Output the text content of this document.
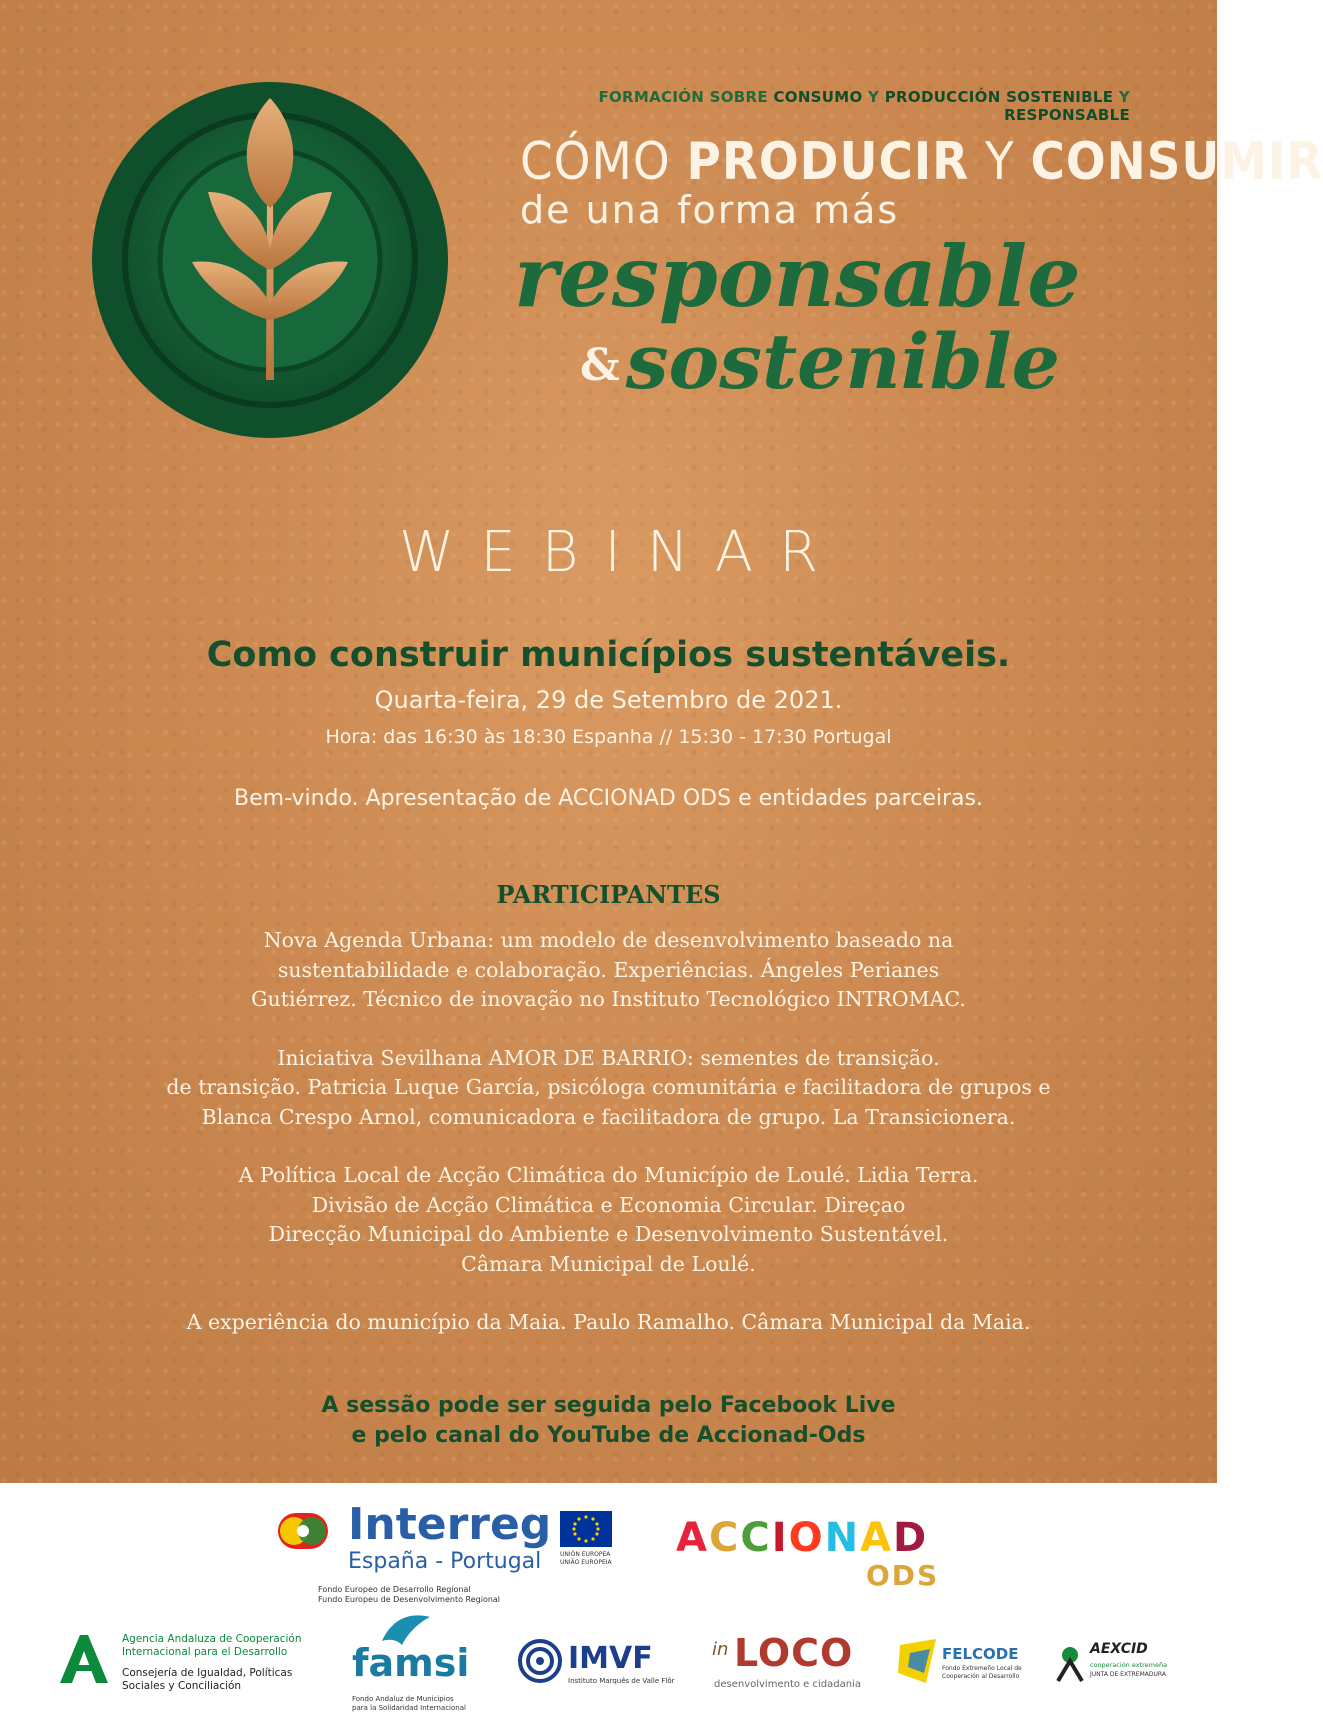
FORMACIÓN SOBRE CONSUMO Y PRODUCCIÓN SOSTENIBLE Y RESPONSABLE
CÓMO PRODUCIR Y CONSUMIR
de una forma más
responsable
&sostenible
WEBINAR
Como construir municípios sustentáveis.
Quarta-feira, 29 de Setembro de 2021.
Hora: das 16:30 às 18:30 Espanha // 15:30 - 17:30 Portugal
Bem-vindo. Apresentação de ACCIONAD ODS e entidades parceiras.
PARTICIPANTES

Nova Agenda Urbana: um modelo de desenvolvimento baseado na
sustentabilidade e colaboração. Experiências. Ángeles Perianes
Gutiérrez. Técnico de inovação no Instituto Tecnológico INTROMAC.

Iniciativa Sevilhana AMOR DE BARRIO: sementes de transição.
de transição. Patricia Luque García, psicóloga comunitária e facilitadora de grupos e
Blanca Crespo Arnol, comunicadora e facilitadora de grupo. La Transicionera.

A Política Local de Acção Climática do Município de Loulé. Lidia Terra.
Divisão de Acção Climática e Economia Circular. Direçao
Direcção Municipal do Ambiente e Desenvolvimento Sustentável.
Câmara Municipal de Loulé.

A experiência do município da Maia. Paulo Ramalho. Câmara Municipal da Maia.

A sessão pode ser seguida pelo Facebook Live
e pelo canal do YouTube de Accionad-Ods
Interreg
España - Portugal
Fondo Europeo de Desarrollo Regional
Fundo Europeu de Desenvolvimento Regional
UNIÓN EUROPEA
UNIÃO EUROPEIA
ACCIONAD
ODS
Agencia Andaluza de Cooperación
Internacional para el Desarrollo
Consejería de Igualdad, Políticas
Sociales y Conciliación
famsi
Fondo Andaluz de Municipios
para la Solidaridad Internacional
IMVF
Instituto Marquês de Valle Flôr
in LOCO
desenvolvimento e cidadania
FELCODE
Fondo Extremeño Local de
Cooperación al Desarrollo
AEXCID
cooperación extremeña
JUNTA DE EXTREMADURA
